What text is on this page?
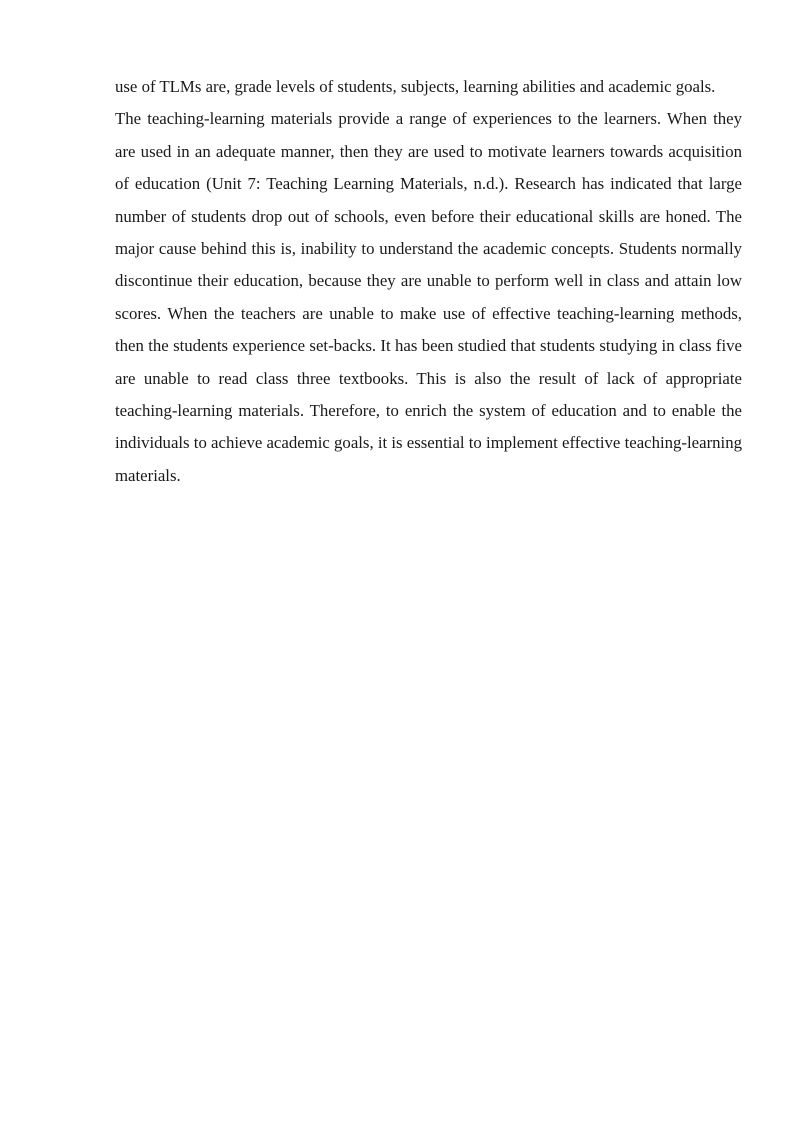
use of TLMs are, grade levels of students, subjects, learning abilities and academic goals.

The teaching-learning materials provide a range of experiences to the learners. When they are used in an adequate manner, then they are used to motivate learners towards acquisition of education (Unit 7: Teaching Learning Materials, n.d.). Research has indicated that large number of students drop out of schools, even before their educational skills are honed. The major cause behind this is, inability to understand the academic concepts. Students normally discontinue their education, because they are unable to perform well in class and attain low scores. When the teachers are unable to make use of effective teaching-learning methods, then the students experience set-backs. It has been studied that students studying in class five are unable to read class three textbooks. This is also the result of lack of appropriate teaching-learning materials. Therefore, to enrich the system of education and to enable the individuals to achieve academic goals, it is essential to implement effective teaching-learning materials.
